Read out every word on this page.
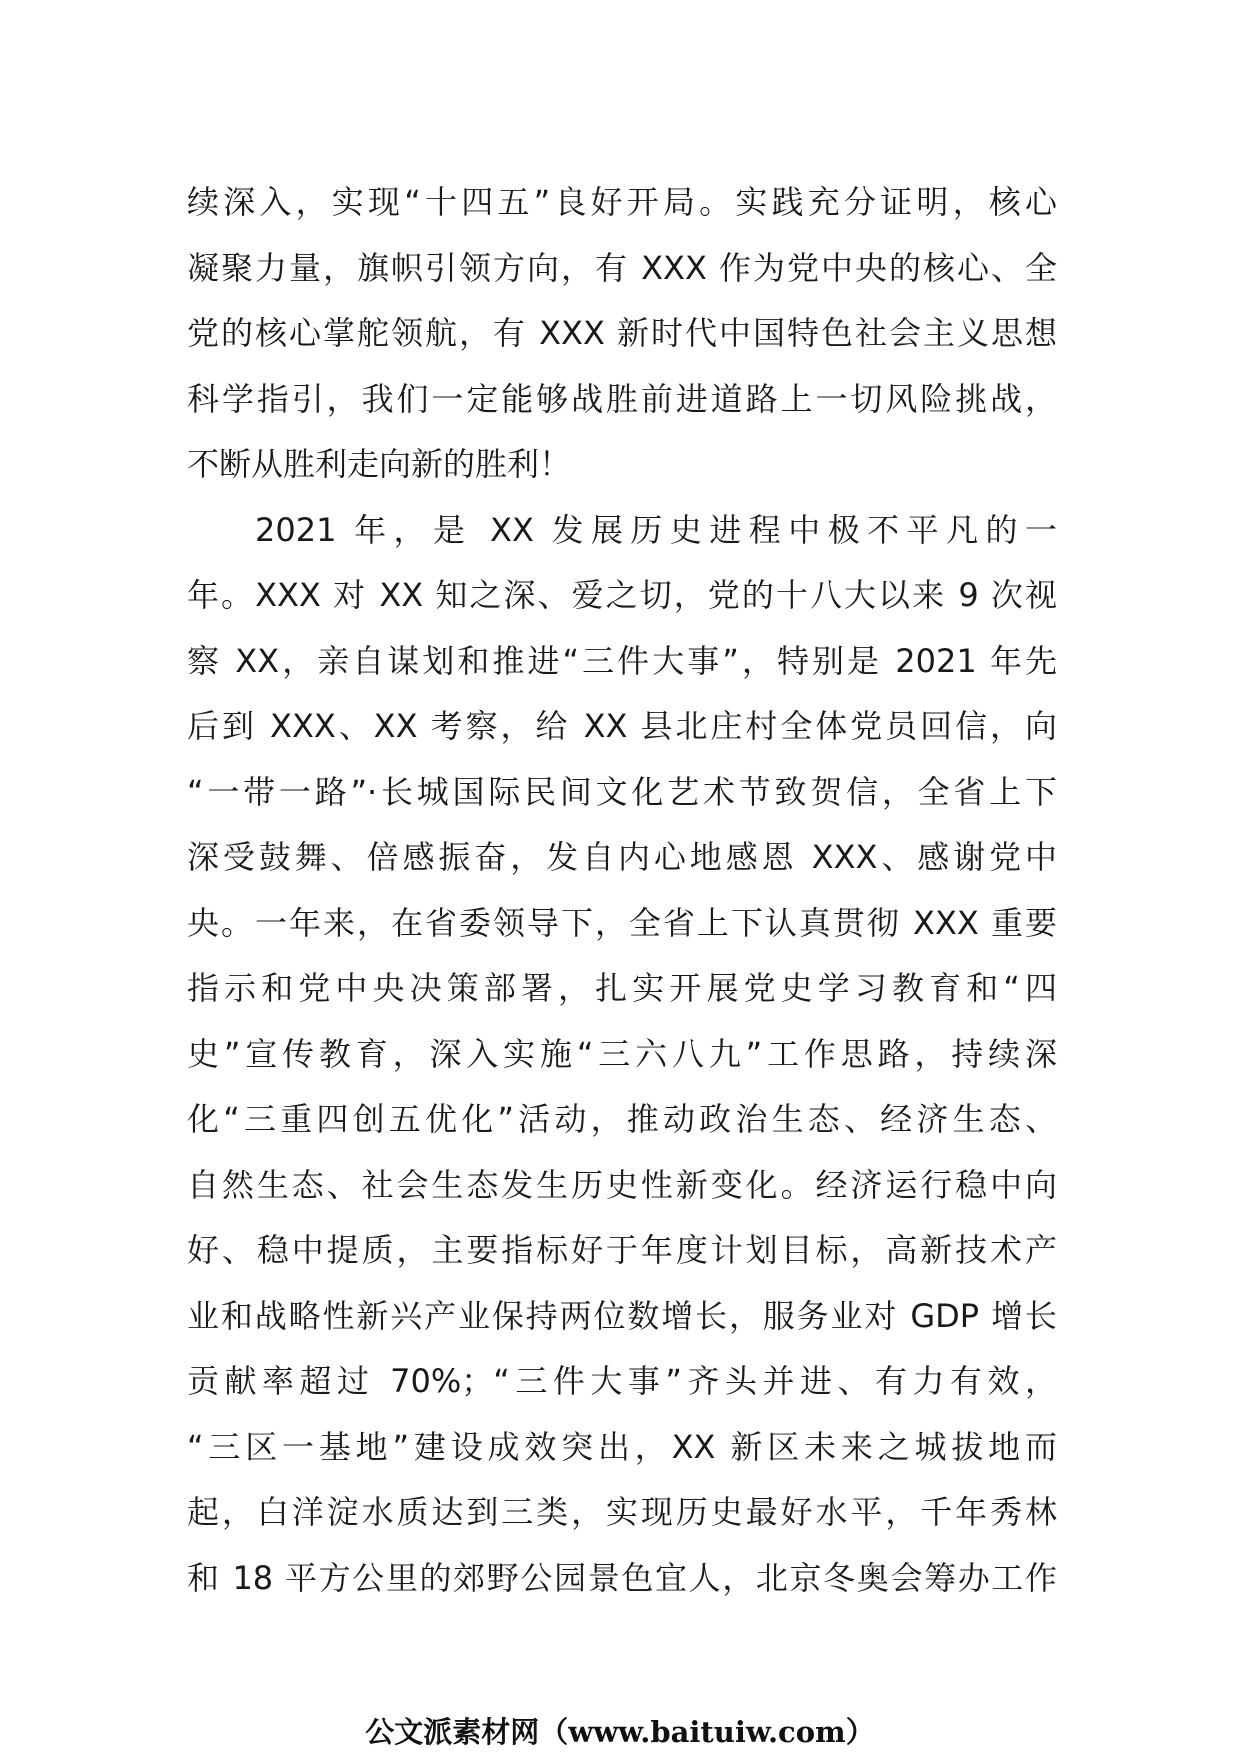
续深入，实现“十四五”良好开局。实践充分证明，核心
凝聚力量，旗帜引领方向，有 XXX 作为党中央的核心、全
党的核心掌舵领航，有 XXX 新时代中国特色社会主义思想
科学指引，我们一定能够战胜前进道路上一切风险挑战，
不断从胜利走向新的胜利！
2021 年，是 XX 发展历史进程中极不平凡的一
年。XXX 对 XX 知之深、爱之切，党的十八大以来 9 次视
察 XX，亲自谋划和推进“三件大事”，特别是 2021 年先
后到 XXX、XX 考察，给 XX 县北庄村全体党员回信，向
“一带一路”·长城国际民间文化艺术节致贺信，全省上下
深受鼓舞、倍感振奋，发自内心地感恩 XXX、感谢党中
央。一年来，在省委领导下，全省上下认真贯彻 XXX 重要
指示和党中央决策部署，扎实开展党史学习教育和“四
史”宣传教育，深入实施“三六八九”工作思路，持续深
化“三重四创五优化”活动，推动政治生态、经济生态、
自然生态、社会生态发生历史性新变化。经济运行稳中向
好、稳中提质，主要指标好于年度计划目标，高新技术产
业和战略性新兴产业保持两位数增长，服务业对 GDP 增长
贡献率超过 70%；“三件大事”齐头并进、有力有效，
“三区一基地”建设成效突出，XX 新区未来之城拔地而
起，白洋淀水质达到三类，实现历史最好水平，千年秀林
和 18 平方公里的郊野公园景色宜人，北京冬奥会筹办工作
公文派素材网（www.baituiw.com）
